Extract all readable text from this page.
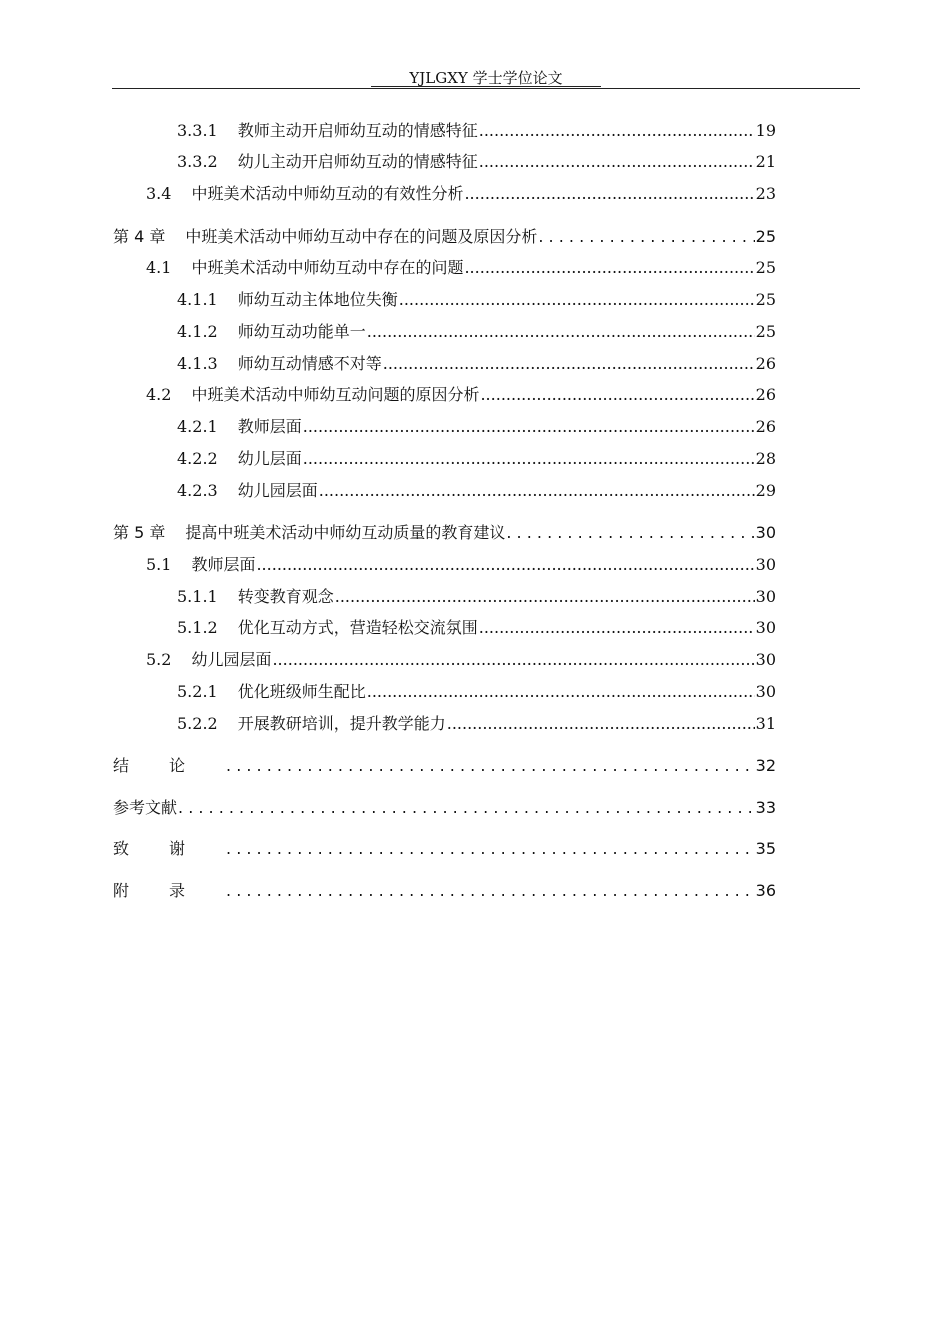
YJLGXY 学士学位论文
3.3.1 教师主动开启师幼互动的情感特征 .....	19
3.3.2 幼儿主动开启师幼互动的情感特征 .....	21
3.4 中班美术活动中师幼互动的有效性分析 .....	23
第 4 章 中班美术活动中师幼互动中存在的问题及原因分析 . . .	25
4.1 中班美术活动中师幼互动中存在的问题 .....	25
4.1.1 师幼互动主体地位失衡 .....	25
4.1.2 师幼互动功能单一 .....	25
4.1.3 师幼互动情感不对等 .....	26
4.2 中班美术活动中师幼互动问题的原因分析 .....	26
4.2.1 教师层面 .....	26
4.2.2 幼儿层面 .....	28
4.2.3 幼儿园层面 .....	29
第 5 章 提高中班美术活动中师幼互动质量的教育建议 . . .	30
5.1 教师层面 .....	30
5.1.1 转变教育观念 .....	30
5.1.2 优化互动方式，营造轻松交流氛围 .....	30
5.2 幼儿园层面 .....	30
5.2.1 优化班级师生配比 .....	30
5.2.2 开展教研培训，提升教学能力 .....	31
结论 . . .	32
参考文献 . . .	33
致谢 . . .	35
附录 . . .	36
